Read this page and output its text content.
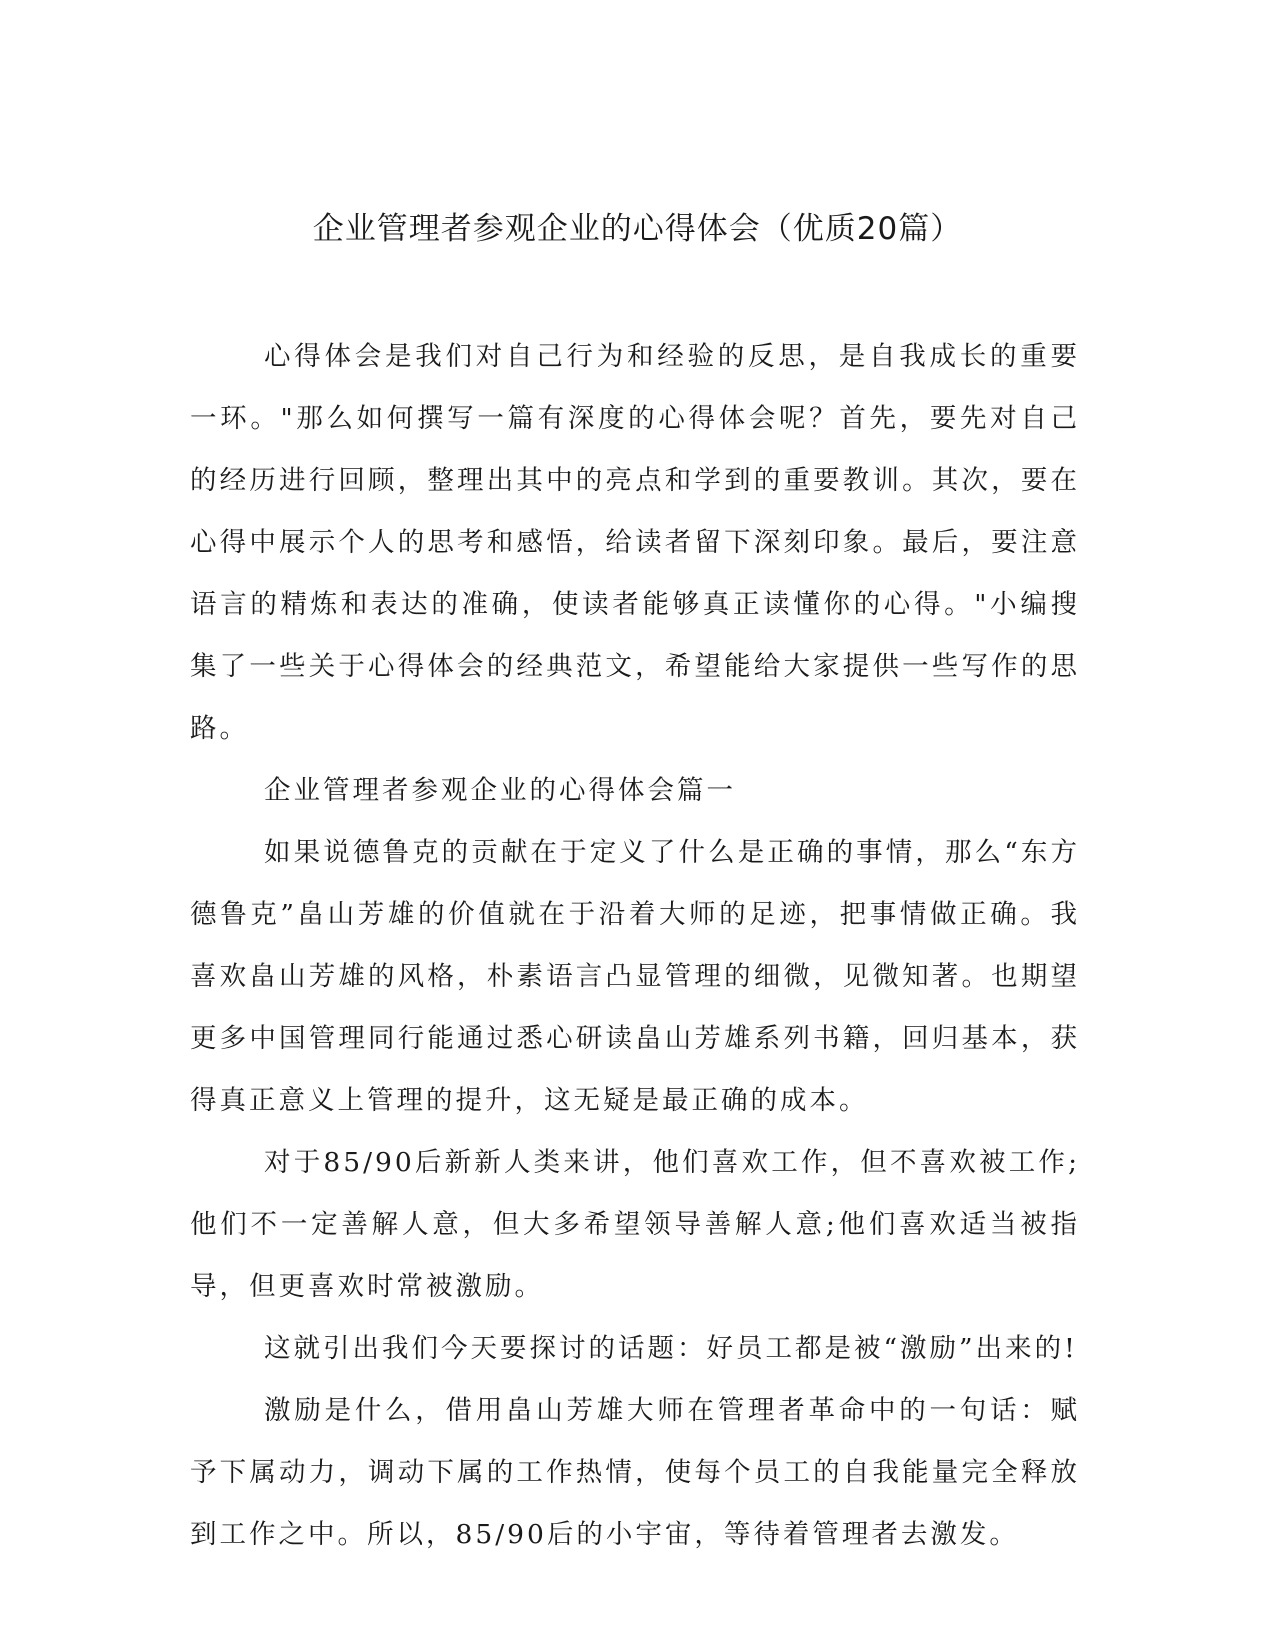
企业管理者参观企业的心得体会（优质20篇）

心得体会是我们对自己行为和经验的反思，是自我成长的重要一环。"那么如何撰写一篇有深度的心得体会呢？首先，要先对自己的经历进行回顾，整理出其中的亮点和学到的重要教训。其次，要在心得中展示个人的思考和感悟，给读者留下深刻印象。最后，要注意语言的精炼和表达的准确，使读者能够真正读懂你的心得。"小编搜集了一些关于心得体会的经典范文，希望能给大家提供一些写作的思路。

企业管理者参观企业的心得体会篇一

如果说德鲁克的贡献在于定义了什么是正确的事情，那么“东方德鲁克”畠山芳雄的价值就在于沿着大师的足迹，把事情做正确。我喜欢畠山芳雄的风格，朴素语言凸显管理的细微，见微知著。也期望更多中国管理同行能通过悉心研读畠山芳雄系列书籍，回归基本，获得真正意义上管理的提升，这无疑是最正确的成本。

对于85/90后新新人类来讲，他们喜欢工作，但不喜欢被工作;他们不一定善解人意，但大多希望领导善解人意;他们喜欢适当被指导，但更喜欢时常被激励。

这就引出我们今天要探讨的话题：好员工都是被“激励”出来的!

激励是什么，借用畠山芳雄大师在管理者革命中的一句话：赋予下属动力，调动下属的工作热情，使每个员工的自我能量完全释放到工作之中。所以，85/90后的小宇宙，等待着管理者去激发。
